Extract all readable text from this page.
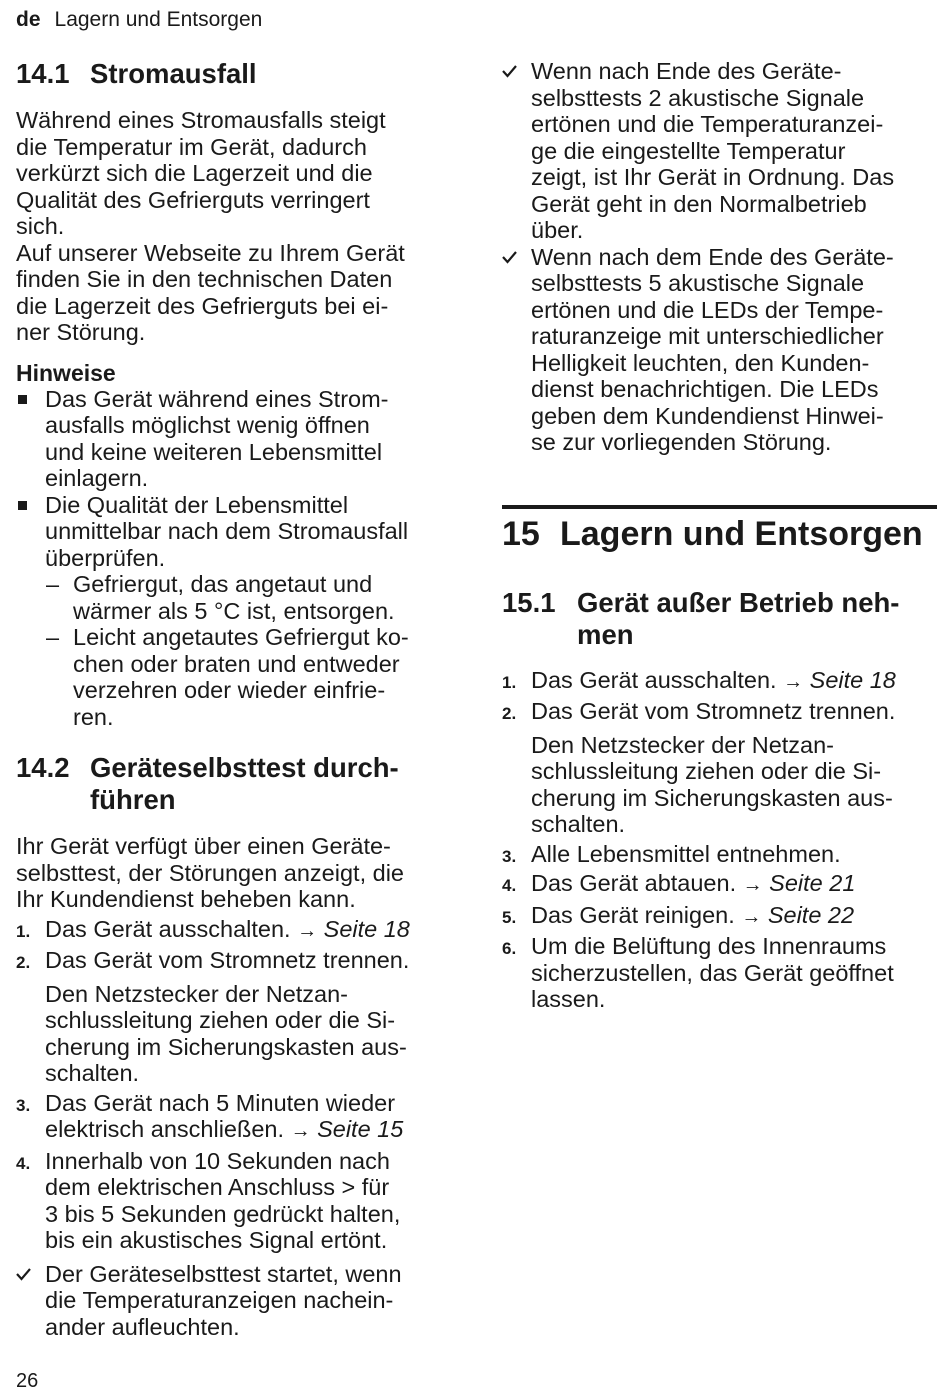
de Lagern und Entsorgen
14.1 Stromausfall
Während eines Stromausfalls steigt
die Temperatur im Gerät, dadurch
verkürzt sich die Lagerzeit und die
Qualität des Gefrierguts verringert
sich.
Auf unserer Webseite zu Ihrem Gerät
finden Sie in den technischen Daten
die Lagerzeit des Gefrierguts bei ei-
ner Störung.
Hinweise
Das Gerät während eines Strom-
ausfalls möglichst wenig öffnen
und keine weiteren Lebensmittel
einlagern.
Die Qualität der Lebensmittel
unmittelbar nach dem Stromausfall
überprüfen.
– Gefriergut, das angetaut und
wärmer als 5 °C ist, entsorgen.
– Leicht angetautes Gefriergut ko-
chen oder braten und entweder
verzehren oder wieder einfrie-
ren.
14.2 Geräteselbsttest durch-
führen
Ihr Gerät verfügt über einen Geräte-
selbsttest, der Störungen anzeigt, die
Ihr Kundendienst beheben kann.
1. Das Gerät ausschalten. → Seite 18
2. Das Gerät vom Stromnetz trennen.
Den Netzstecker der Netzan-
schlussleitung ziehen oder die Si-
cherung im Sicherungskasten aus-
schalten.
3. Das Gerät nach 5 Minuten wieder
elektrisch anschließen. → Seite 15
4. Innerhalb von 10 Sekunden nach
dem elektrischen Anschluss > für
3 bis 5 Sekunden gedrückt halten,
bis ein akustisches Signal ertönt.
Der Geräteselbsttest startet, wenn
die Temperaturanzeigen nachein-
ander aufleuchten.
Wenn nach Ende des Geräte-
selbsttests 2 akustische Signale
ertönen und die Temperaturanzei-
ge die eingestellte Temperatur
zeigt, ist Ihr Gerät in Ordnung. Das
Gerät geht in den Normalbetrieb
über.
Wenn nach dem Ende des Geräte-
selbsttests 5 akustische Signale
ertönen und die LEDs der Tempe-
raturanzeige mit unterschiedlicher
Helligkeit leuchten, den Kunden-
dienst benachrichtigen. Die LEDs
geben dem Kundendienst Hinwei-
se zur vorliegenden Störung.
15 Lagern und Entsorgen
15.1 Gerät außer Betrieb neh-
men
1. Das Gerät ausschalten. → Seite 18
2. Das Gerät vom Stromnetz trennen.
Den Netzstecker der Netzan-
schlussleitung ziehen oder die Si-
cherung im Sicherungskasten aus-
schalten.
3. Alle Lebensmittel entnehmen.
4. Das Gerät abtauen. → Seite 21
5. Das Gerät reinigen. → Seite 22
6. Um die Belüftung des Innenraums
sicherzustellen, das Gerät geöffnet
lassen.
26
